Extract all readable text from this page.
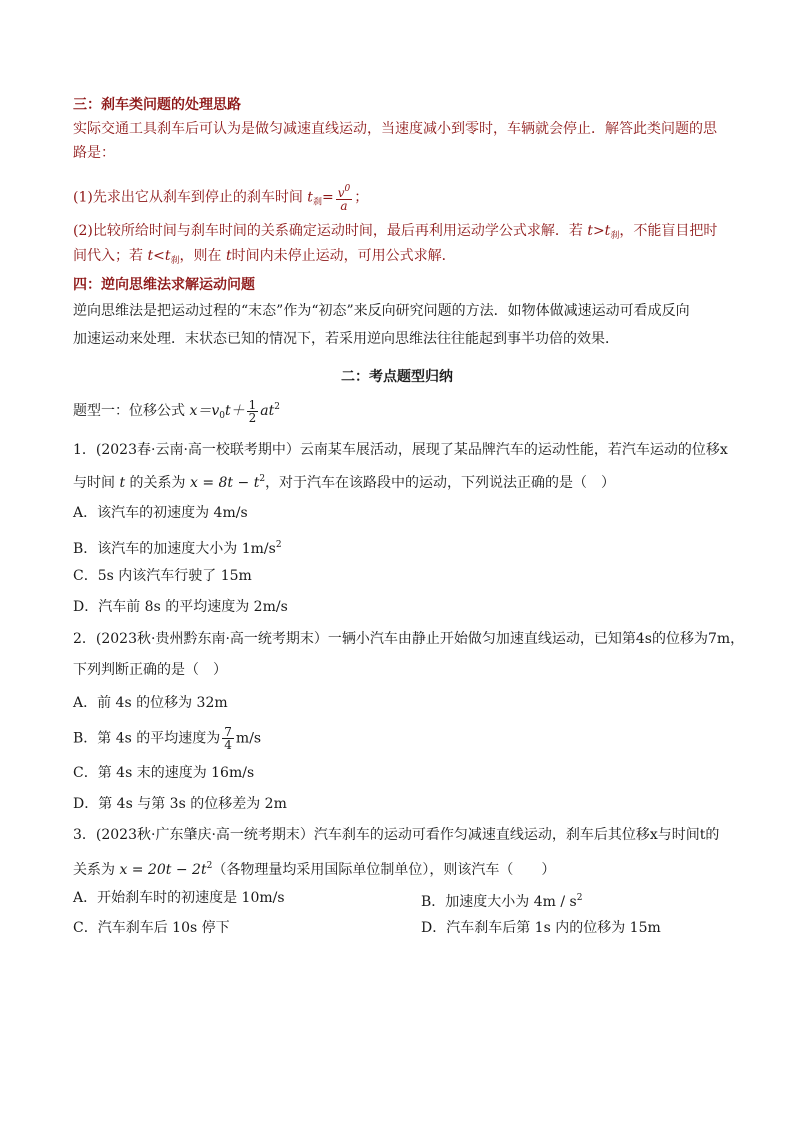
三：刹车类问题的处理思路
实际交通工具刹车后可认为是做匀减速直线运动，当速度减小到零时，车辆就会停止．解答此类问题的思
路是：
(1)先求出它从刹车到停止的刹车时间 $t_刹= \frac{v^0}{a}$ ；
(2)比较所给时间与刹车时间的关系确定运动时间，最后再利用运动学公式求解．若 $t>t_刹$，不能盲目把时
间代入；若 $t<t_刹$，则在 t时间内未停止运动，可用公式求解．
四：逆向思维法求解运动问题
逆向思维法是把运动过程的“末态”作为“初态”来反向研究问题的方法．如物体做减速运动可看成反向
加速运动来处理．末状态已知的情况下，若采用逆向思维法往往能起到事半功倍的效果．
二：考点题型归纳
题型一：位移公式 $x=v_0t+ \frac{1}{2} at^2$
1．(2023春·云南·高一校联考期中）云南某车展活动，展现了某品牌汽车的运动性能，若汽车运动的位移x
与时间 t 的关系为 $x = 8t - t^2$，对于汽车在该路段中的运动，下列说法正确的是（　）
A．该汽车的初速度为 4m/s
B．该汽车的加速度大小为 $1m/s^2$
C．5s 内该汽车行驶了 15m
D．汽车前 8s 的平均速度为 2m/s
2．(2023秋·贵州黔东南·高一统考期末）一辆小汽车由静止开始做匀加速直线运动，已知第4s的位移为7m，
下列判断正确的是（　）
A．前 4s 的位移为 32m
B．第 4s 的平均速度为 $\frac{7}{4} m/s$
C．第 4s 末的速度为 16m/s
D．第 4s 与第 3s 的位移差为 2m
3．(2023秋·广东肇庆·高一统考期末）汽车刹车的运动可看作匀减速直线运动，刹车后其位移x与时间t的
关系为 $x = 20t - 2t^2$（各物理量均采用国际单位制单位），则该汽车（　　）
A．开始刹车时的初速度是 10m/s	B．加速度大小为 $4m / s^2$
C．汽车刹车后 10s 停下	D．汽车刹车后第 1s 内的位移为 15m
